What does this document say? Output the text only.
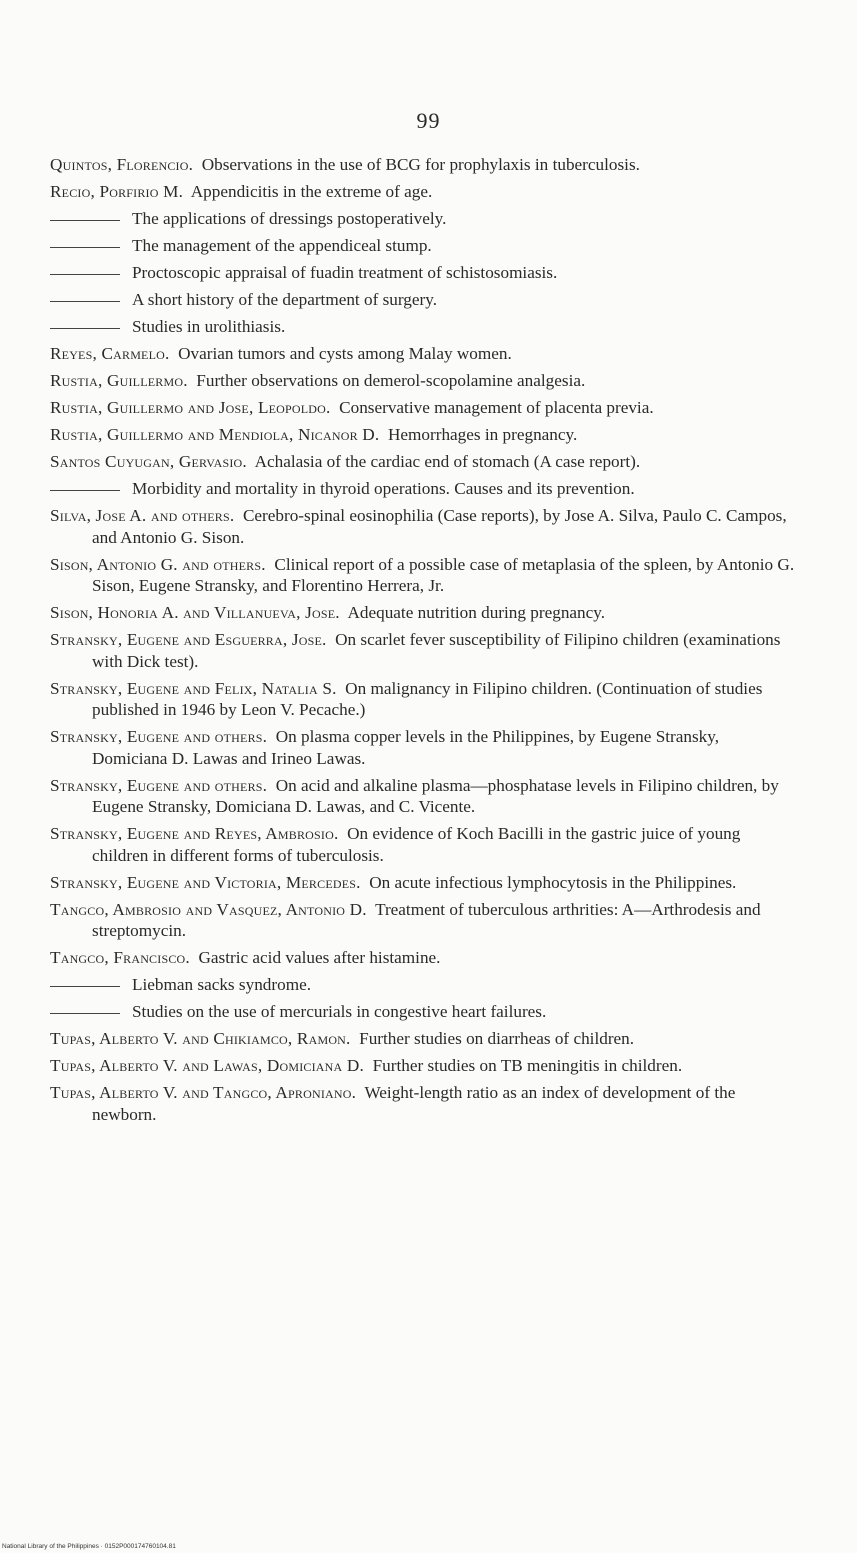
99

Quintos, Florencio. Observations in the use of BCG for prophylaxis in tuberculosis.

Recio, Porfirio M. Appendicitis in the extreme of age.

The applications of dressings postoperatively.

The management of the appendiceal stump.

Proctoscopic appraisal of fuadin treatment of schistosomiasis.

A short history of the department of surgery.

Studies in urolithiasis.

Reyes, Carmelo. Ovarian tumors and cysts among Malay women.

Rustia, Guillermo. Further observations on demerol-scopolamine analgesia.

Rustia, Guillermo and Jose, Leopoldo. Conservative management of placenta previa.

Rustia, Guillermo and Mendiola, Nicanor D. Hemorrhages in pregnancy.

Santos Cuyugan, Gervasio. Achalasia of the cardiac end of stomach (A case report).

Morbidity and mortality in thyroid operations. Causes and its prevention.

Silva, Jose A. and others. Cerebro-spinal eosinophilia (Case reports), by Jose A. Silva, Paulo C. Campos, and Antonio G. Sison.

Sison, Antonio G. and others. Clinical report of a possible case of metaplasia of the spleen, by Antonio G. Sison, Eugene Stransky, and Florentino Herrera, Jr.

Sison, Honoria A. and Villanueva, Jose. Adequate nutrition during pregnancy.

Stransky, Eugene and Esguerra, Jose. On scarlet fever susceptibility of Filipino children (examinations with Dick test).

Stransky, Eugene and Felix, Natalia S. On malignancy in Filipino children. (Continuation of studies published in 1946 by Leon V. Pecache.)

Stransky, Eugene and others. On plasma copper levels in the Philippines, by Eugene Stransky, Domiciana D. Lawas and Irineo Lawas.

Stransky, Eugene and others. On acid and alkaline plasma—phosphatase levels in Filipino children, by Eugene Stransky, Domiciana D. Lawas, and C. Vicente.

Stransky, Eugene and Reyes, Ambrosio. On evidence of Koch Bacilli in the gastric juice of young children in different forms of tuberculosis.

Stransky, Eugene and Victoria, Mercedes. On acute infectious lymphocytosis in the Philippines.

Tangco, Ambrosio and Vasquez, Antonio D. Treatment of tuberculous arthrities: A—Arthrodesis and streptomycin.

Tangco, Francisco. Gastric acid values after histamine.

Liebman sacks syndrome.

Studies on the use of mercurials in congestive heart failures.

Tupas, Alberto V. and Chikiamco, Ramon. Further studies on diarrheas of children.

Tupas, Alberto V. and Lawas, Domiciana D. Further studies on TB meningitis in children.

Tupas, Alberto V. and Tangco, Aproniano. Weight-length ratio as an index of development of the newborn.

National Library of the Philippines · 0152P000174760104.81
